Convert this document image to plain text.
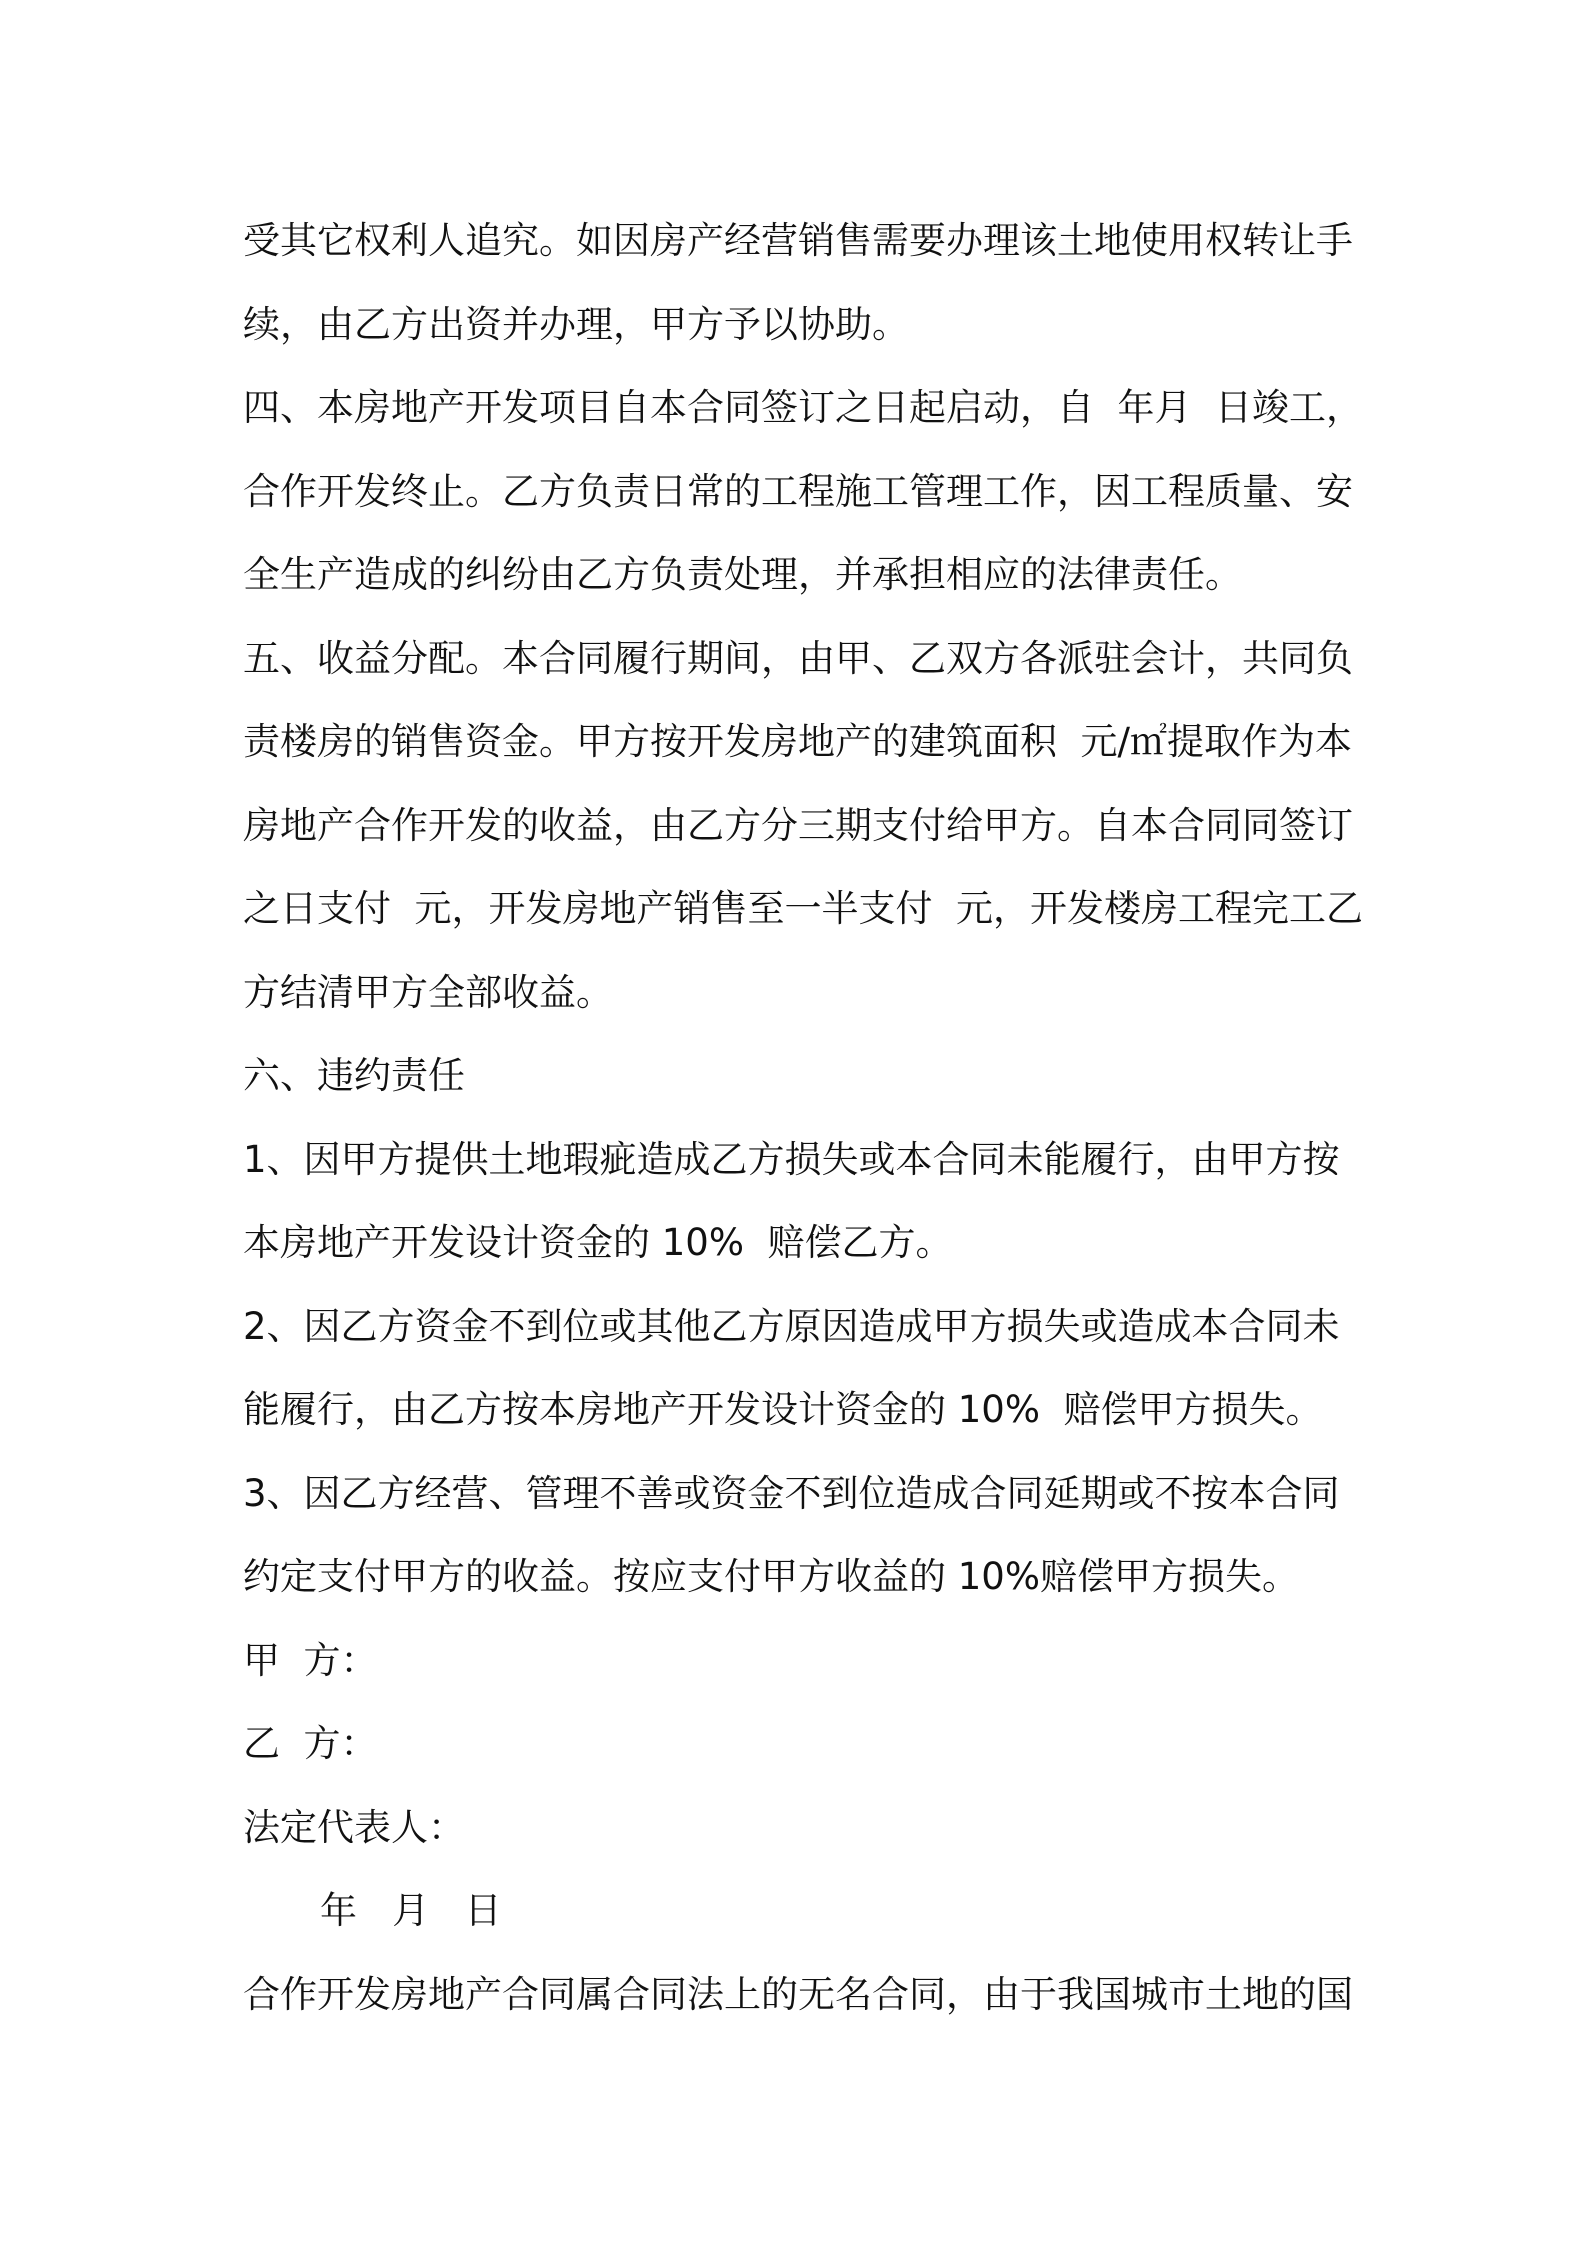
受其它权利人追究。如因房产经营销售需要办理该土地使用权转让手
续，由乙方出资并办理，甲方予以协助。
四、本房地产开发项目自本合同签订之日起启动，自  年月  日竣工，
合作开发终止。乙方负责日常的工程施工管理工作，因工程质量、安
全生产造成的纠纷由乙方负责处理，并承担相应的法律责任。
五、收益分配。本合同履行期间，由甲、乙双方各派驻会计，共同负
责楼房的销售资金。甲方按开发房地产的建筑面积  元/㎡提取作为本
房地产合作开发的收益，由乙方分三期支付给甲方。自本合同同签订
之日支付  元，开发房地产销售至一半支付  元，开发楼房工程完工乙
方结清甲方全部收益。
六、违约责任
1、因甲方提供土地瑕疵造成乙方损失或本合同未能履行，由甲方按
本房地产开发设计资金的 10%  赔偿乙方。
2、因乙方资金不到位或其他乙方原因造成甲方损失或造成本合同未
能履行，由乙方按本房地产开发设计资金的 10%  赔偿甲方损失。
3、因乙方经营、管理不善或资金不到位造成合同延期或不按本合同
约定支付甲方的收益。按应支付甲方收益的 10%赔偿甲方损失。
甲  方：
乙  方：
法定代表人：
年   月   日
合作开发房地产合同属合同法上的无名合同，由于我国城市土地的国
